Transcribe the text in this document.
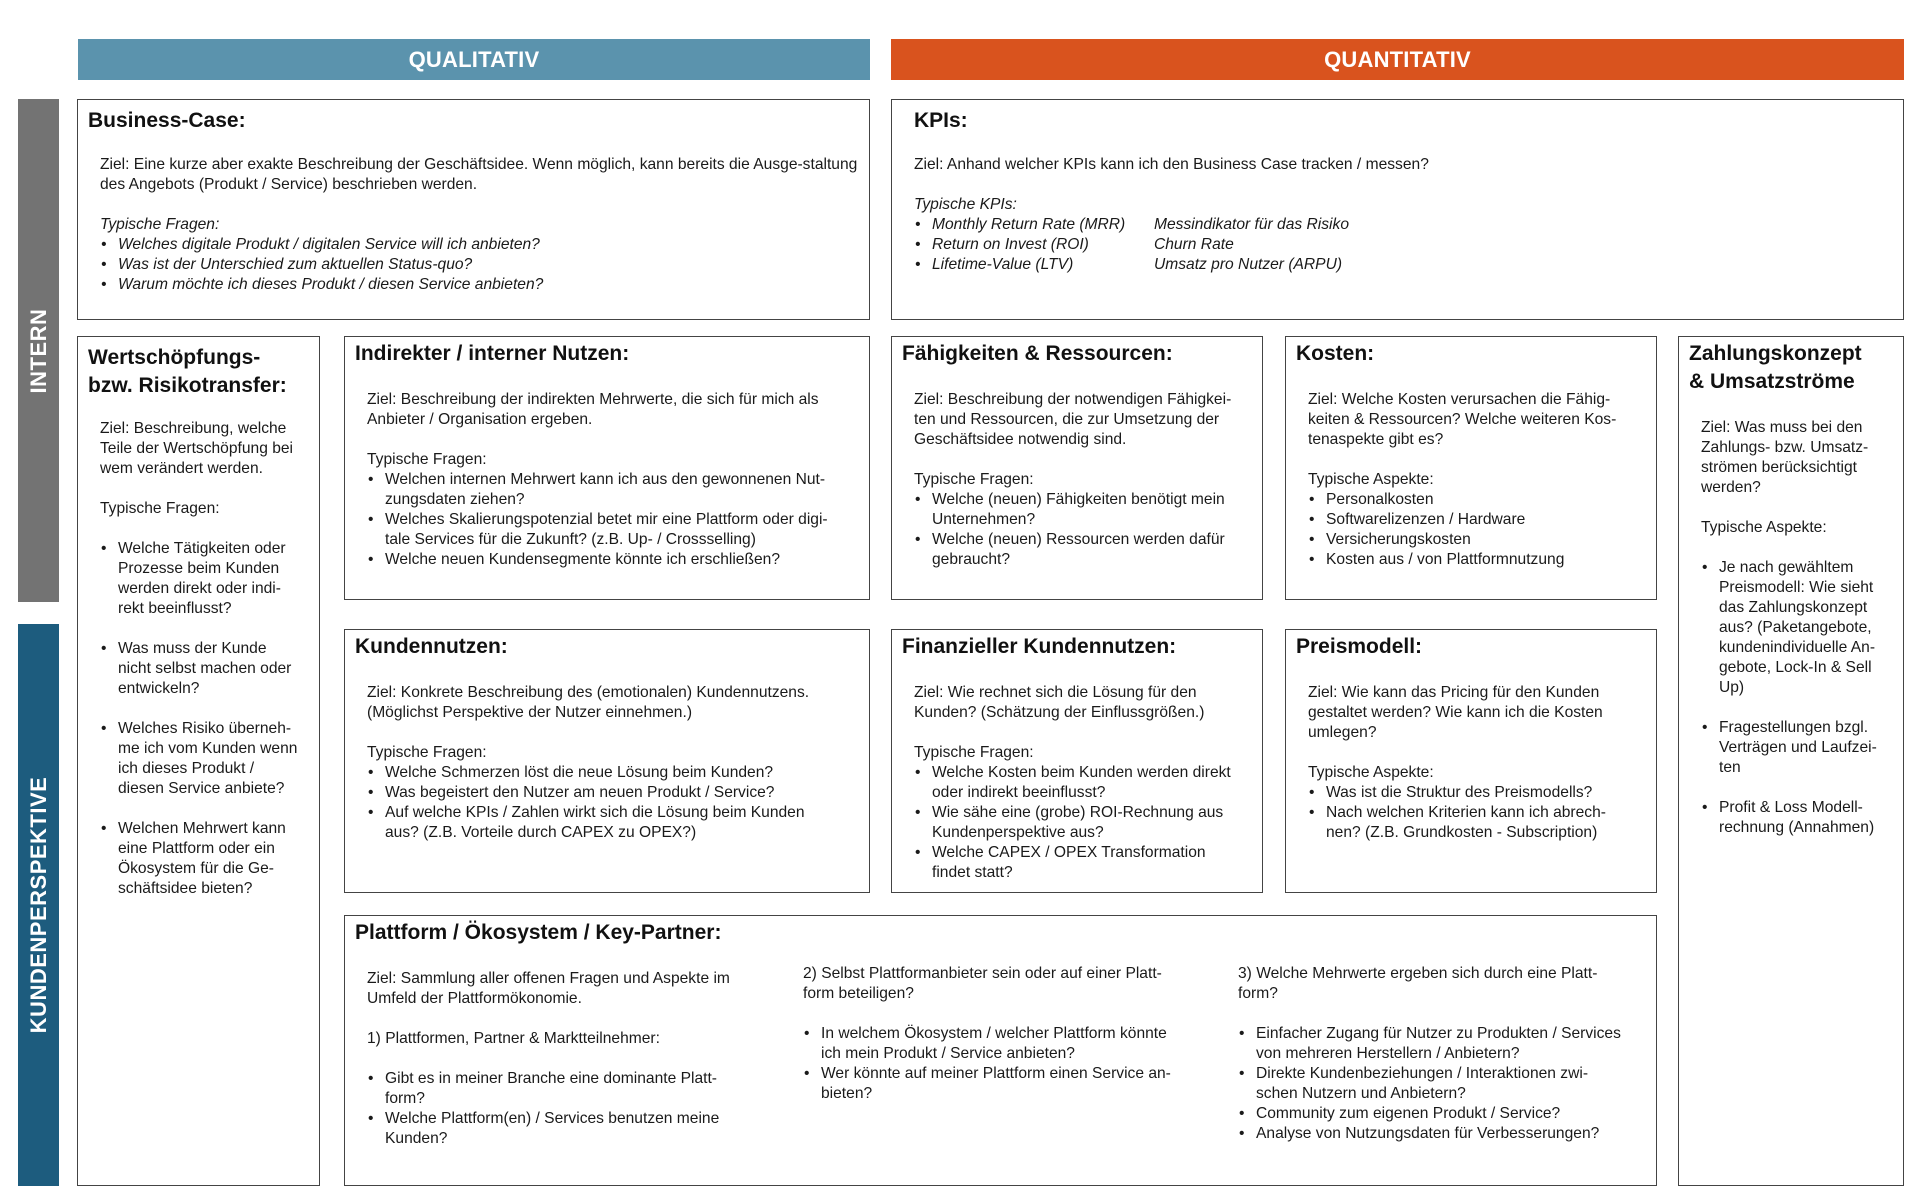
QUALITATIV	QUANTITATIV
INTERN
KUNDENPERSPEKTIVE
Business-Case:

Ziel: Eine kurze aber exakte Beschreibung der Geschäftsidee. Wenn möglich, kann bereits die Ausge-staltung des Angebots (Produkt / Service) beschrieben werden.

Typische Fragen:

• Welches digitale Produkt / digitalen Service will ich anbieten?
• Was ist der Unterschied zum aktuellen Status-quo?
• Warum möchte ich dieses Produkt / diesen Service anbieten?
KPIs:

Ziel: Anhand welcher KPIs kann ich den Business Case tracken / messen?

Typische KPIs:

• Monthly Return Rate (MRR)	Messindikator für das Risiko
• Return on Invest (ROI)	Churn Rate
• Lifetime-Value (LTV)	Umsatz pro Nutzer (ARPU)
Wertschöpfungs-
bzw. Risikotransfer:

Ziel: Beschreibung, welche
Teile der Wertschöpfung bei
wem verändert werden.

Typische Fragen:

• Welche Tätigkeiten oder
Prozesse beim Kunden
werden direkt oder indi-
rekt beeinflusst?
• Was muss der Kunde
nicht selbst machen oder
entwickeln?
• Welches Risiko überneh-
me ich vom Kunden wenn
ich dieses Produkt /
diesen Service anbiete?
• Welchen Mehrwert kann
eine Plattform oder ein
Ökosystem für die Ge-
schäftsidee bieten?
Indirekter / interner Nutzen:

Ziel: Beschreibung der indirekten Mehrwerte, die sich für mich als
Anbieter / Organisation ergeben.

Typische Fragen:

• Welchen internen Mehrwert kann ich aus den gewonnenen Nut-
zungsdaten ziehen?
• Welches Skalierungspotenzial betet mir eine Plattform oder digi-
tale Services für die Zukunft? (z.B. Up- / Crossselling)
• Welche neuen Kundensegmente könnte ich erschließen?
Fähigkeiten & Ressourcen:

Ziel: Beschreibung der notwendigen Fähigkei-
ten und Ressourcen, die zur Umsetzung der
Geschäftsidee notwendig sind.

Typische Fragen:

• Welche (neuen) Fähigkeiten benötigt mein
Unternehmen?
• Welche (neuen) Ressourcen werden dafür
gebraucht?
Kosten:

Ziel: Welche Kosten verursachen die Fähig-
keiten & Ressourcen? Welche weiteren Kos-
tenaspekte gibt es?

Typische Aspekte:

• Personalkosten
• Softwarelizenzen / Hardware
• Versicherungskosten
• Kosten aus / von Plattformnutzung
Zahlungskonzept
& Umsatzströme

Ziel: Was muss bei den
Zahlungs- bzw. Umsatz-
strömen berücksichtigt
werden?

Typische Aspekte:

• Je nach gewähltem
Preismodell: Wie sieht
das Zahlungskonzept
aus? (Paketangebote,
kundenindividuelle An-
gebote, Lock-In & Sell
Up)
• Fragestellungen bzgl.
Verträgen und Laufzei-
ten
• Profit & Loss Modell-
rechnung (Annahmen)
Kundennutzen:

Ziel: Konkrete Beschreibung des (emotionalen) Kundennutzens.
(Möglichst Perspektive der Nutzer einnehmen.)

Typische Fragen:

• Welche Schmerzen löst die neue Lösung beim Kunden?
• Was begeistert den Nutzer am neuen Produkt / Service?
• Auf welche KPIs / Zahlen wirkt sich die Lösung beim Kunden
aus? (Z.B. Vorteile durch CAPEX zu OPEX?)
Finanzieller Kundennutzen:

Ziel: Wie rechnet sich die Lösung für den
Kunden? (Schätzung der Einflussgrößen.)

Typische Fragen:

• Welche Kosten beim Kunden werden direkt
oder indirekt beeinflusst?
• Wie sähe eine (grobe) ROI-Rechnung aus
Kundenperspektive aus?
• Welche CAPEX / OPEX Transformation
findet statt?
Preismodell:

Ziel: Wie kann das Pricing für den Kunden
gestaltet werden? Wie kann ich die Kosten
umlegen?

Typische Aspekte:

• Was ist die Struktur des Preismodells?
• Nach welchen Kriterien kann ich abrech-
nen? (Z.B. Grundkosten - Subscription)
Plattform / Ökosystem / Key-Partner:

Ziel: Sammlung aller offenen Fragen und Aspekte im
Umfeld der Plattformökonomie.

1) Plattformen, Partner & Marktteilnehmer:

• Gibt es in meiner Branche eine dominante Platt-
form?
• Welche Plattform(en) / Services benutzen meine
Kunden?

2) Selbst Plattformanbieter sein oder auf einer Platt-
form beteiligen?

• In welchem Ökosystem / welcher Plattform könnte
ich mein Produkt / Service anbieten?
• Wer könnte auf meiner Plattform einen Service an-
bieten?

3) Welche Mehrwerte ergeben sich durch eine Platt-
form?

• Einfacher Zugang für Nutzer zu Produkten / Services
von mehreren Herstellern / Anbietern?
• Direkte Kundenbeziehungen / Interaktionen zwi-
schen Nutzern und Anbietern?
• Community zum eigenen Produkt / Service?
• Analyse von Nutzungsdaten für Verbesserungen?
